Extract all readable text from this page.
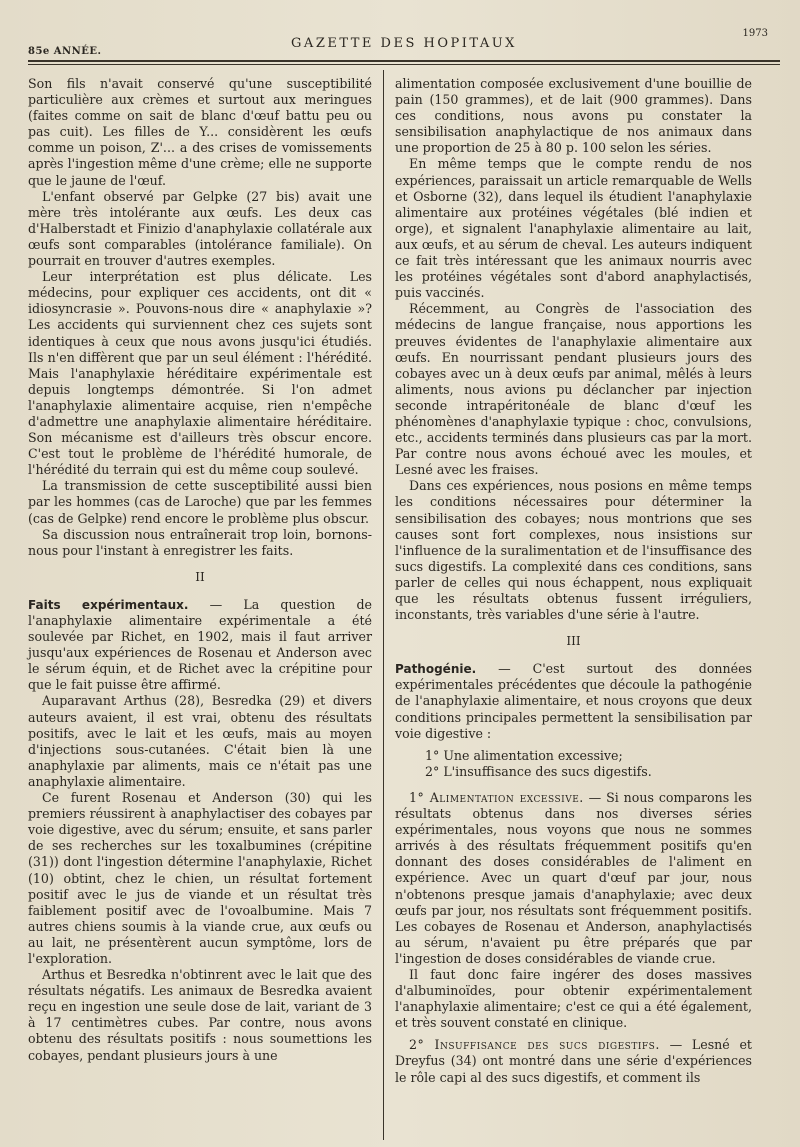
85e ANNÉE.
GAZETTE DES HOPITAUX
1973

Son fils n'avait conservé qu'une susceptibilité particulière aux crèmes et surtout aux meringues (faites comme on sait de blanc d'œuf battu peu ou pas cuit). Les filles de Y... considèrent les œufs comme un poison, Z'... a des crises de vomissements après l'ingestion même d'une crème; elle ne supporte que le jaune de l'œuf.

L'enfant observé par Gelpke (27 bis) avait une mère très intolérante aux œufs. Les deux cas d'Halberstadt et Finizio d'anaphylaxie collatérale aux œufs sont comparables (intolérance familiale). On pourrait en trouver d'autres exemples.

Leur interprétation est plus délicate. Les médecins, pour expliquer ces accidents, ont dit « idiosyncrasie ». Pouvons-nous dire « anaphylaxie »? Les accidents qui surviennent chez ces sujets sont identiques à ceux que nous avons jusqu'ici étudiés. Ils n'en diffèrent que par un seul élément : l'hérédité. Mais l'anaphylaxie héréditaire expérimentale est depuis longtemps démontrée. Si l'on admet l'anaphylaxie alimentaire acquise, rien n'empêche d'admettre une anaphylaxie alimentaire héréditaire. Son mécanisme est d'ailleurs très obscur encore. C'est tout le problème de l'hérédité humorale, de l'hérédité du terrain qui est du même coup soulevé.

La transmission de cette susceptibilité aussi bien par les hommes (cas de Laroche) que par les femmes (cas de Gelpke) rend encore le problème plus obscur.

Sa discussion nous entraînerait trop loin, bornons-nous pour l'instant à enregistrer les faits.

II

Faits expérimentaux. — La question de l'anaphylaxie alimentaire expérimentale a été soulevée par Richet, en 1902, mais il faut arriver jusqu'aux expériences de Rosenau et Anderson avec le sérum équin, et de Richet avec la crépitine pour que le fait puisse être affirmé.

Auparavant Arthus (28), Besredka (29) et divers auteurs avaient, il est vrai, obtenu des résultats positifs, avec le lait et les œufs, mais au moyen d'injections sous-cutanées. C'était bien là une anaphylaxie par aliments, mais ce n'était pas une anaphylaxie alimentaire.

Ce furent Rosenau et Anderson (30) qui les premiers réussirent à anaphylactiser des cobayes par voie digestive, avec du sérum; ensuite, et sans parler de ses recherches sur les toxalbumines (crépitine (31)) dont l'ingestion détermine l'anaphylaxie, Richet (10) obtint, chez le chien, un résultat fortement positif avec le jus de viande et un résultat très faiblement positif avec de l'ovoalbumine. Mais 7 autres chiens soumis à la viande crue, aux œufs ou au lait, ne présentèrent aucun symptôme, lors de l'exploration.

Arthus et Besredka n'obtinrent avec le lait que des résultats négatifs. Les animaux de Besredka avaient reçu en ingestion une seule dose de lait, variant de 3 à 17 centimètres cubes. Par contre, nous avons obtenu des résultats positifs : nous soumettions les cobayes, pendant plusieurs jours à une

alimentation composée exclusivement d'une bouillie de pain (150 grammes), et de lait (900 grammes). Dans ces conditions, nous avons pu constater la sensibilisation anaphylactique de nos animaux dans une proportion de 25 à 80 p. 100 selon les séries.

En même temps que le compte rendu de nos expériences, paraissait un article remarquable de Wells et Osborne (32), dans lequel ils étudient l'anaphylaxie alimentaire aux protéines végétales (blé indien et orge), et signalent l'anaphylaxie alimentaire au lait, aux œufs, et au sérum de cheval. Les auteurs indiquent ce fait très intéressant que les animaux nourris avec les protéines végétales sont d'abord anaphylactisés, puis vaccinés.

Récemment, au Congrès de l'association des médecins de langue française, nous apportions les preuves évidentes de l'anaphylaxie alimentaire aux œufs. En nourrissant pendant plusieurs jours des cobayes avec un à deux œufs par animal, mêlés à leurs aliments, nous avions pu déclancher par injection seconde intrapéritonéale de blanc d'œuf les phénomènes d'anaphylaxie typique : choc, convulsions, etc., accidents terminés dans plusieurs cas par la mort. Par contre nous avons échoué avec les moules, et Lesné avec les fraises.

Dans ces expériences, nous posions en même temps les conditions nécessaires pour déterminer la sensibilisation des cobayes; nous montrions que ses causes sont fort complexes, nous insistions sur l'influence de la suralimentation et de l'insuffisance des sucs digestifs. La complexité dans ces conditions, sans parler de celles qui nous échappent, nous expliquait que les résultats obtenus fussent irréguliers, inconstants, très variables d'une série à l'autre.

III

Pathogénie. — C'est surtout des données expérimentales précédentes que découle la pathogénie de l'anaphylaxie alimentaire, et nous croyons que deux conditions principales permettent la sensibilisation par voie digestive :

1° Une alimentation excessive;
2° L'insuffisance des sucs digestifs.

1° Alimentation excessive. — Si nous comparons les résultats obtenus dans nos diverses séries expérimentales, nous voyons que nous ne sommes arrivés à des résultats fréquemment positifs qu'en donnant des doses considérables de l'aliment en expérience. Avec un quart d'œuf par jour, nous n'obtenons presque jamais d'anaphylaxie; avec deux œufs par jour, nos résultats sont fréquemment positifs. Les cobayes de Rosenau et Anderson, anaphylactisés au sérum, n'avaient pu être préparés que par l'ingestion de doses considérables de viande crue.

Il faut donc faire ingérer des doses massives d'albuminoïdes, pour obtenir expérimentalement l'anaphylaxie alimentaire; c'est ce qui a été également, et très souvent constaté en clinique.

2° Insuffisance des sucs digestifs. — Lesné et Dreyfus (34) ont montré dans une série d'expériences le rôle capi al des sucs digestifs, et comment ils
